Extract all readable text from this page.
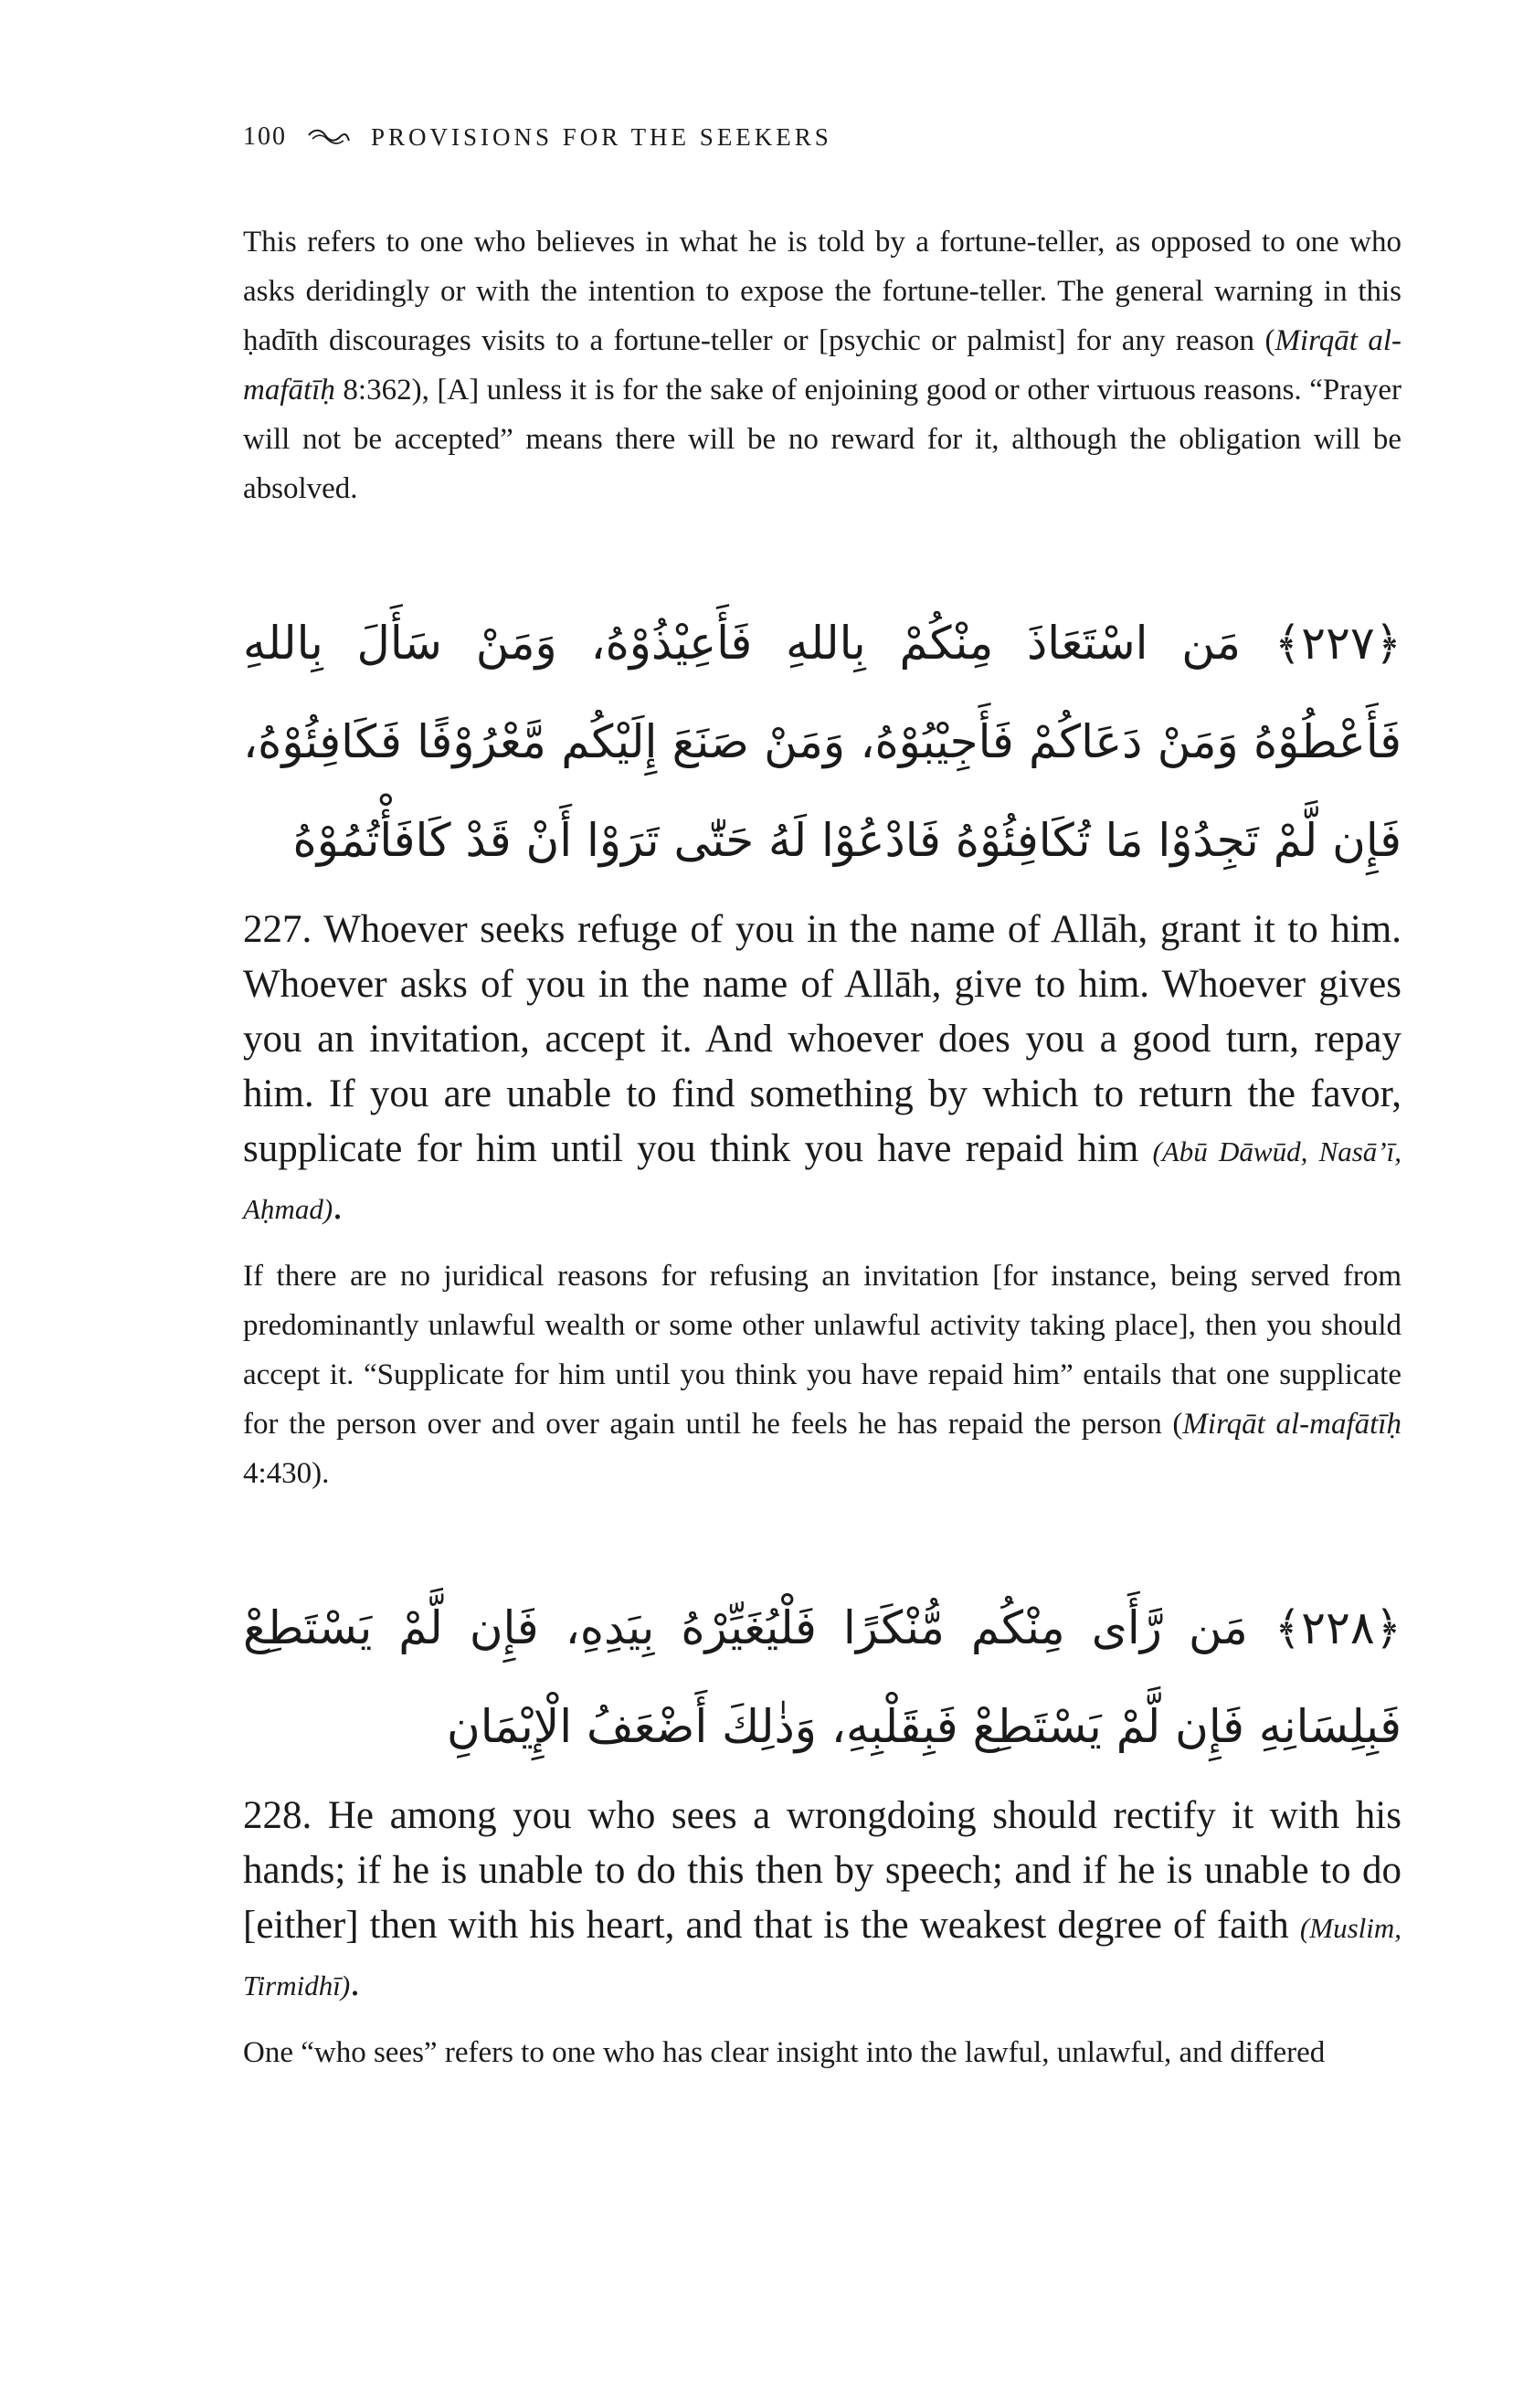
100	PROVISIONS FOR THE SEEKERS

This refers to one who believes in what he is told by a fortune-teller, as opposed to one who asks deridingly or with the intention to expose the fortune-teller. The general warning in this ḥadīth discourages visits to a fortune-teller or [psychic or palmist] for any reason (Mirqāt al-mafātīḥ 8:362), [A] unless it is for the sake of enjoining good or other virtuous reasons. “Prayer will not be accepted” means there will be no reward for it, although the obligation will be absolved.

﴿٢٢٧﴾ مَن اسْتَعَاذَ مِنْكُمْ بِاللهِ فَأَعِيْذُوْهُ، وَمَنْ سَأَلَ بِاللهِ فَأَعْطُوْهُ وَمَنْ دَعَاكُمْ فَأَجِيْبُوْهُ، وَمَنْ صَنَعَ إِلَيْكُم مَّعْرُوْفًا فَكَافِئُوْهُ، فَإِن لَّمْ تَجِدُوْا مَا تُكَافِئُوْهُ فَادْعُوْا لَهُ حَتّٰى تَرَوْا أَنْ قَدْ كَافَأْتُمُوْهُ

227. Whoever seeks refuge of you in the name of Allāh, grant it to him. Whoever asks of you in the name of Allāh, give to him. Whoever gives you an invitation, accept it. And whoever does you a good turn, repay him. If you are unable to find something by which to return the favor, supplicate for him until you think you have repaid him (Abū Dāwūd, Nasā’ī, Aḥmad).

If there are no juridical reasons for refusing an invitation [for instance, being served from predominantly unlawful wealth or some other unlawful activity taking place], then you should accept it. “Supplicate for him until you think you have repaid him” entails that one supplicate for the person over and over again until he feels he has repaid the person (Mirqāt al-mafātīḥ 4:430).

﴿٢٢٨﴾ مَن رَّأَى مِنْكُم مُّنْكَرًا فَلْيُغَيِّرْهُ بِيَدِهِ، فَإِن لَّمْ يَسْتَطِعْ فَبِلِسَانِهِ فَإِن لَّمْ يَسْتَطِعْ فَبِقَلْبِهِ، وَذٰلِكَ أَضْعَفُ الْإِيْمَانِ

228. He among you who sees a wrongdoing should rectify it with his hands; if he is unable to do this then by speech; and if he is unable to do [either] then with his heart, and that is the weakest degree of faith (Muslim, Tirmidhī).

One “who sees” refers to one who has clear insight into the lawful, unlawful, and differed
